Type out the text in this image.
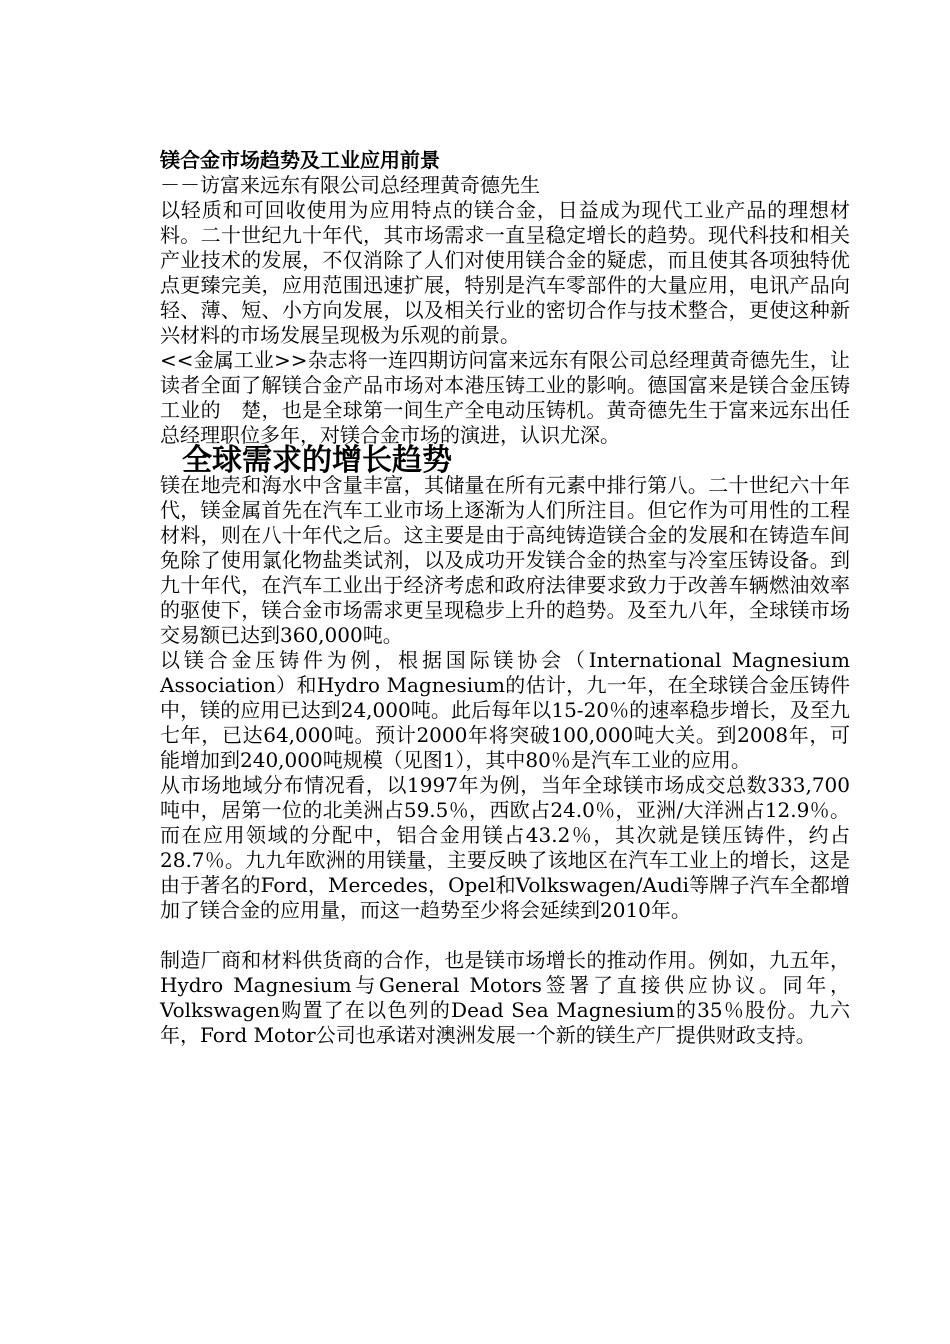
镁合金市场趋势及工业应用前景

－－访富来远东有限公司总经理黄奇德先生

以轻质和可回收使用为应用特点的镁合金，日益成为现代工业产品的理想材料。二十世纪九十年代，其市场需求一直呈稳定增长的趋势。现代科技和相关产业技术的发展，不仅消除了人们对使用镁合金的疑虑，而且使其各项独特优点更臻完美，应用范围迅速扩展，特别是汽车零部件的大量应用，电讯产品向轻、薄、短、小方向发展，以及相关行业的密切合作与技术整合，更使这种新兴材料的市场发展呈现极为乐观的前景。

<<金属工业>>杂志将一连四期访问富来远东有限公司总经理黄奇德先生，让读者全面了解镁合金产品市场对本港压铸工业的影响。德国富来是镁合金压铸工业的　楚，也是全球第一间生产全电动压铸机。黄奇德先生于富来远东出任总经理职位多年，对镁合金市场的演进，认识尤深。

全球需求的增长趋势

镁在地壳和海水中含量丰富，其储量在所有元素中排行第八。二十世纪六十年代，镁金属首先在汽车工业市场上逐渐为人们所注目。但它作为可用性的工程材料，则在八十年代之后。这主要是由于高纯铸造镁合金的发展和在铸造车间免除了使用氯化物盐类试剂，以及成功开发镁合金的热室与冷室压铸设备。到九十年代，在汽车工业出于经济考虑和政府法律要求致力于改善车辆燃油效率的驱使下，镁合金市场需求更呈现稳步上升的趋势。及至九八年，全球镁市场交易额已达到360,000吨。

以镁合金压铸件为例，根据国际镁协会（International Magnesium Association）和Hydro Magnesium的估计，九一年，在全球镁合金压铸件中，镁的应用已达到24,000吨。此后每年以15-20％的速率稳步增长，及至九七年，已达64,000吨。预计2000年将突破100,000吨大关。到2008年，可能增加到240,000吨规模（见图1），其中80％是汽车工业的应用。

从市场地域分布情况看，以1997年为例，当年全球镁市场成交总数333,700　吨中，居第一位的北美洲占59.5％，西欧占24.0％，亚洲/大洋洲占12.9％。而在应用领域的分配中，铝合金用镁占43.2％，其次就是镁压铸件，约占28.7％。九九年欧洲的用镁量，主要反映了该地区在汽车工业上的增长，这是由于著名的Ford，Mercedes，Opel和Volkswagen/Audi等牌子汽车全都增加了镁合金的应用量，而这一趋势至少将会延续到2010年。

制造厂商和材料供货商的合作，也是镁市场增长的推动作用。例如，九五年，Hydro Magnesium与General Motors签署了直接供应协议。同年，Volkswagen购置了在以色列的Dead Sea Magnesium的35％股份。九六年，Ford Motor公司也承诺对澳洲发展一个新的镁生产厂提供财政支持。
